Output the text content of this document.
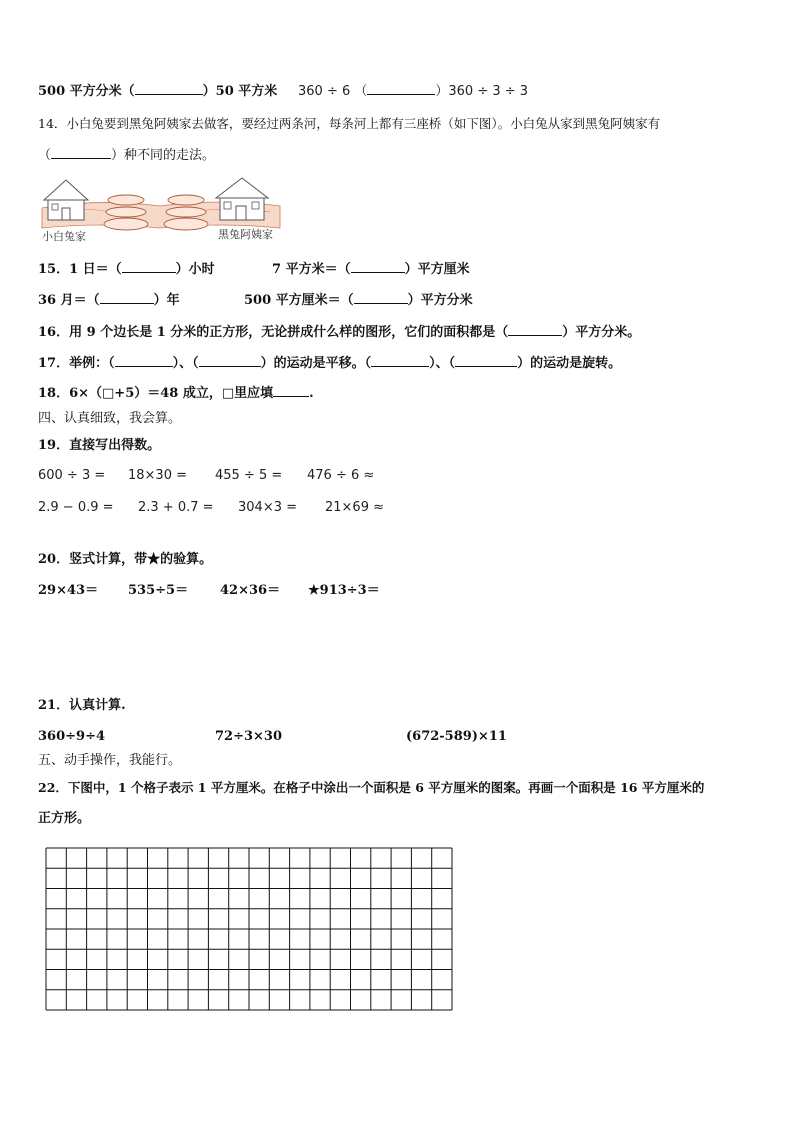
500 平方分米（	）50 平方米 360 ÷ 6 （	）360 ÷ 3 ÷ 3
14．小白兔要到黑兔阿姨家去做客，要经过两条河，每条河上都有三座桥（如下图）。小白兔从家到黑兔阿姨家有
（	）种不同的走法。
小白兔家	黑兔阿姨家
15．1 日＝（	）小时	7 平方米＝（	）平方厘米
36 月＝（	）年	500 平方厘米＝（	）平方分米
16．用 9 个边长是 1 分米的正方形，无论拼成什么样的图形，它们的面积都是（	）平方分米。
17．举例：（	）、（	）的运动是平移。（	）、（	）的运动是旋转。
18．6×（□+5）＝48 成立，□里应填	.
四、认真细致，我会算。
19．直接写出得数。
600 ÷ 3 = 18×30 = 455 ÷ 5 = 476 ÷ 6 ≈
2.9 − 0.9 = 2.3 + 0.7 = 304×3 = 21×69 ≈
20．竖式计算，带★的验算。
29×43＝ 535÷5＝ 42×36＝ ★913÷3＝
21．认真计算.
360÷9÷4	72÷3×30	(672-589)×11
五、动手操作，我能行。
22．下图中，1 个格子表示 1 平方厘米。在格子中涂出一个面积是 6 平方厘米的图案。再画一个面积是 16 平方厘米的
正方形。
